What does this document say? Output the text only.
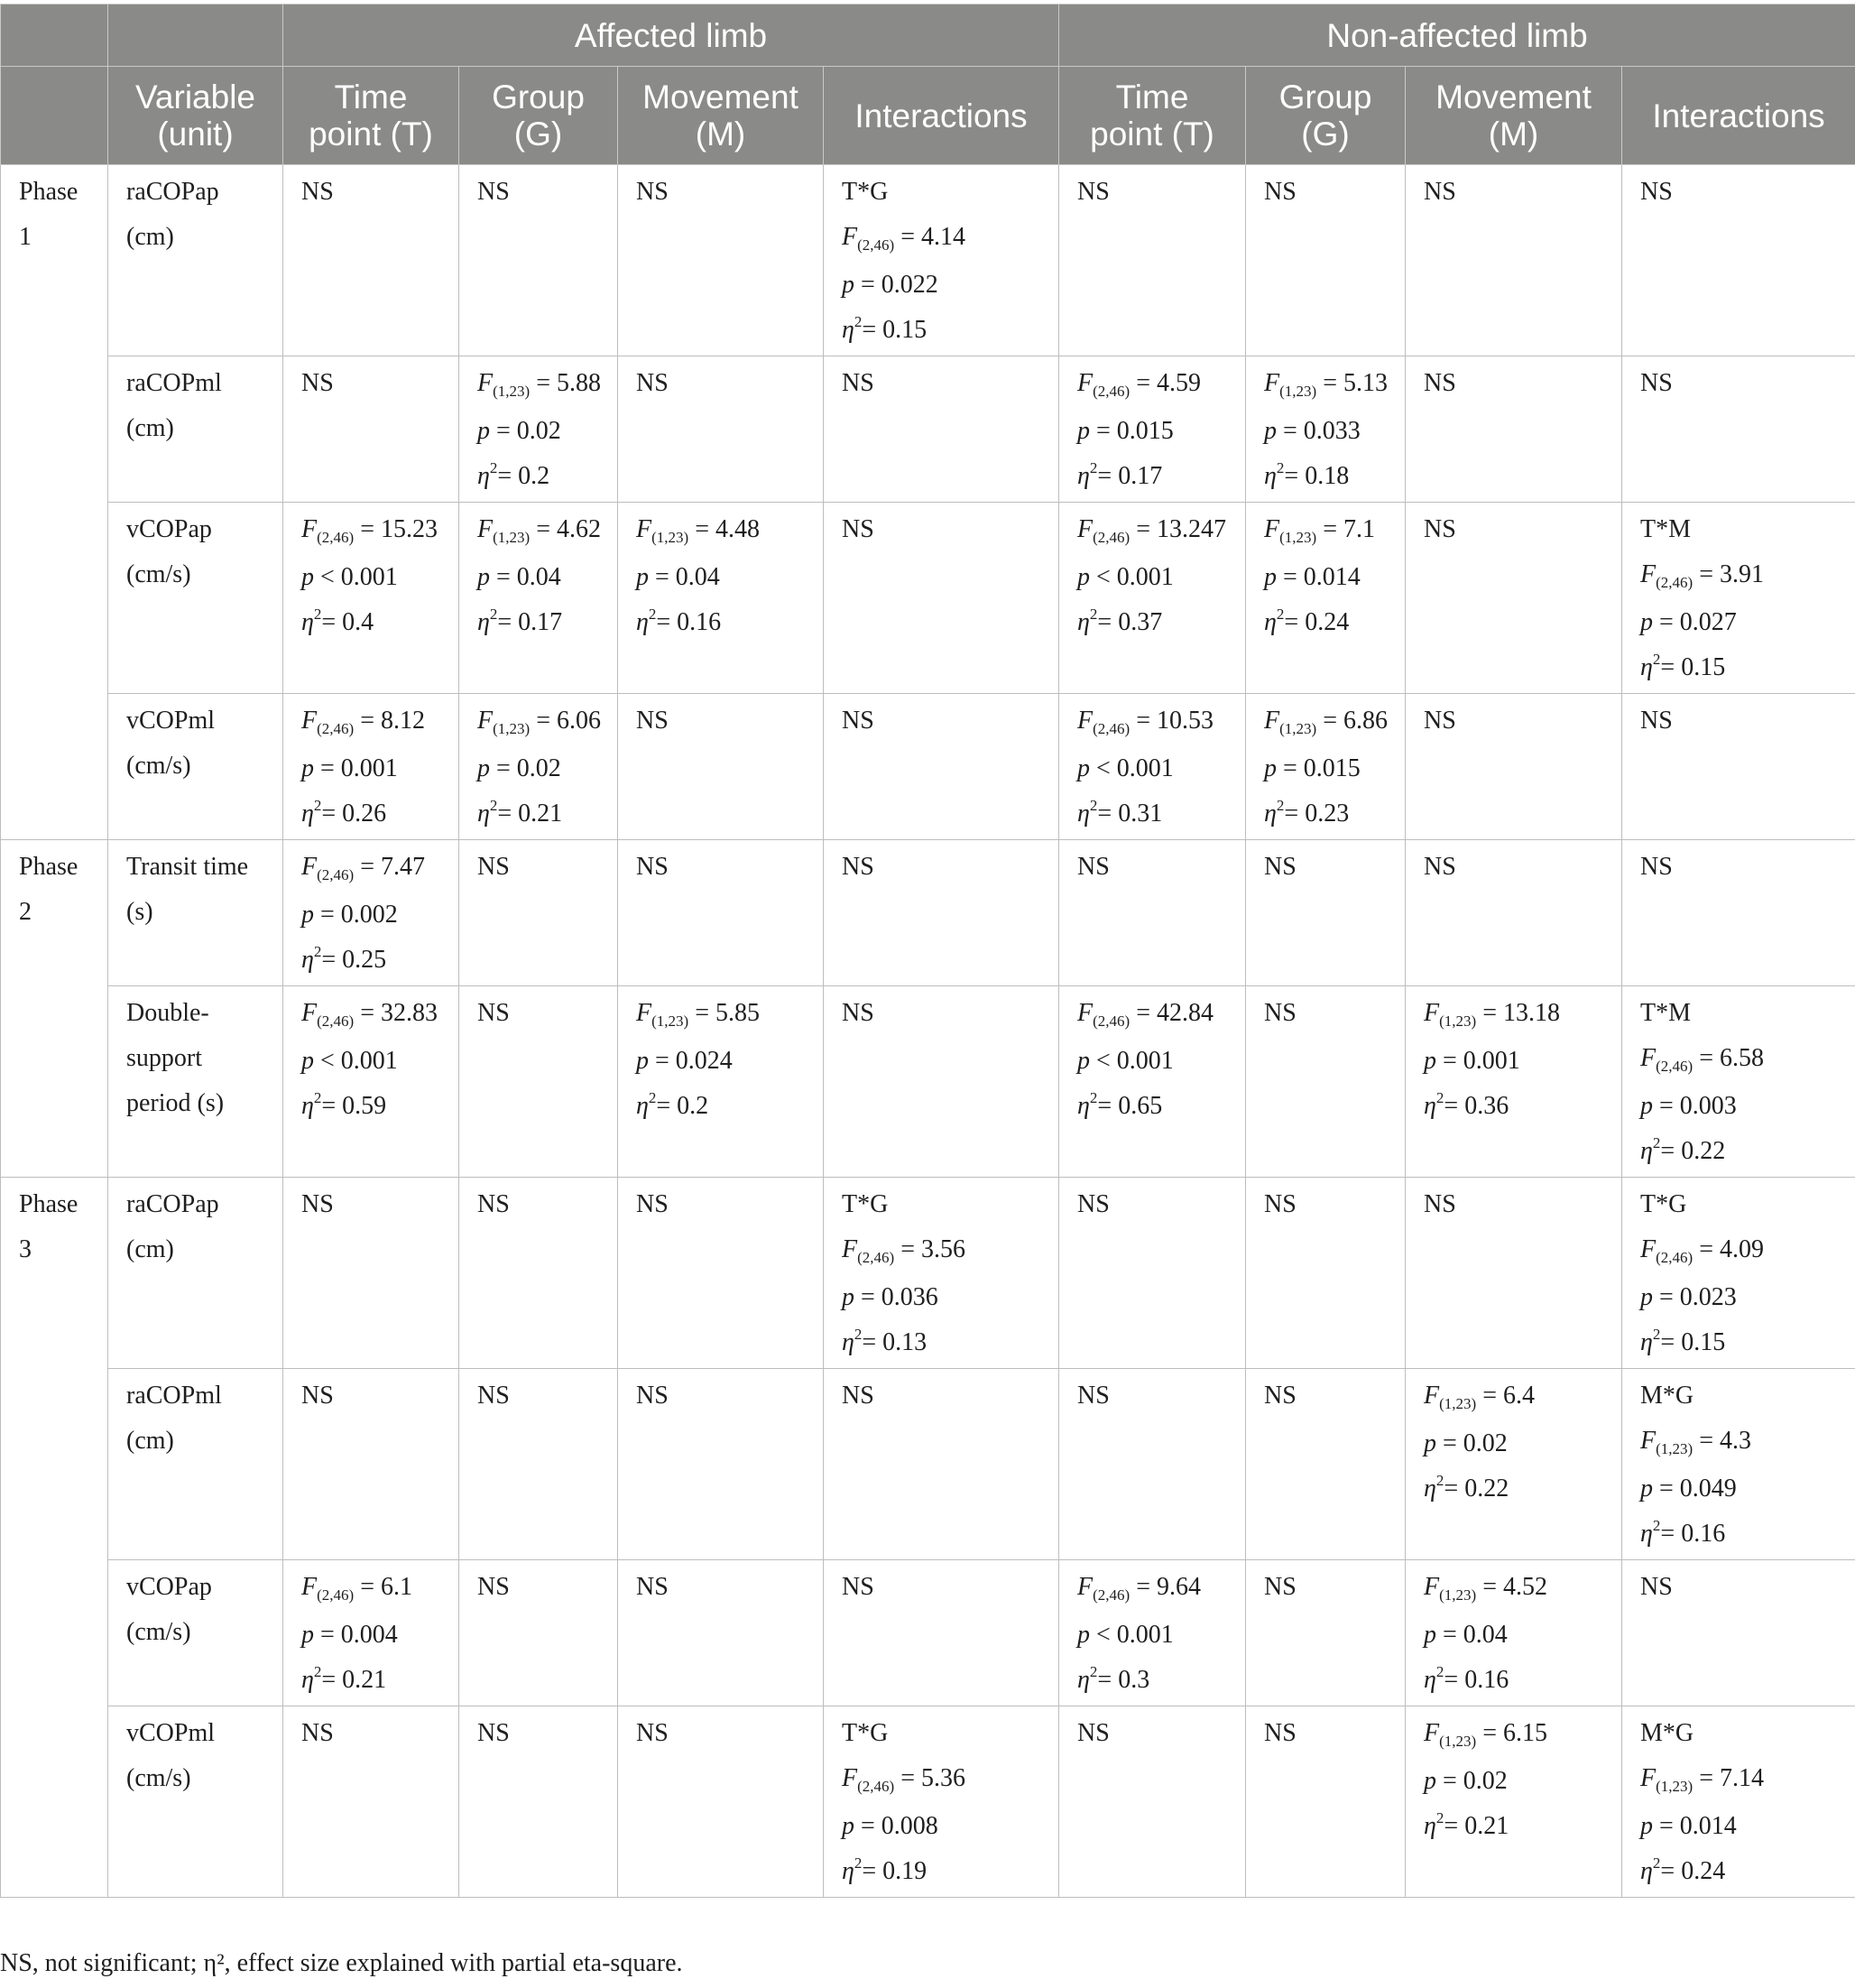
		Affected limb				Non-affected limb			

	Variable
(unit)	Time
point (T)	Group
(G)	Movement
(M)	Interactions	Time
point (T)	Group
(G)	Movement
(M)	Interactions

Phase
1	raCOPap
(cm)	NS	NS	NS	T*G
$F_{(2,46)} = 4.14$
p = 0.022
$\eta^2= 0.15$	NS	NS	NS	NS

	raCOPml
(cm)	NS	$F_{(1,23)} = 5.88$
p = 0.02
$\eta^2= 0.2$	NS	NS	$F_{(2,46)} = 4.59$
p = 0.015
$\eta^2= 0.17$	$F_{(1,23)} = 5.13$
p = 0.033
$\eta^2= 0.18$	NS	NS

	vCOPap
(cm/s)	$F_{(2,46)} = 15.23$
p < 0.001
$\eta^2= 0.4$	$F_{(1,23)} = 4.62$
p = 0.04
$\eta^2= 0.17$	$F_{(1,23)} = 4.48$
p = 0.04
$\eta^2= 0.16$	NS	$F_{(2,46)} = 13.247$
p < 0.001
$\eta^2= 0.37$	$F_{(1,23)} = 7.1$
p = 0.014
$\eta^2= 0.24$	NS	T*M
$F_{(2,46)} = 3.91$
p = 0.027
$\eta^2= 0.15$

	vCOPml
(cm/s)	$F_{(2,46)} = 8.12$
p = 0.001
$\eta^2= 0.26$	$F_{(1,23)} = 6.06$
p = 0.02
$\eta^2= 0.21$	NS	NS	$F_{(2,46)} = 10.53$
p < 0.001
$\eta^2= 0.31$	$F_{(1,23)} = 6.86$
p = 0.015
$\eta^2= 0.23$	NS	NS

Phase
2	Transit time
(s)	$F_{(2,46)} = 7.47$
p = 0.002
$\eta^2= 0.25$	NS	NS	NS	NS	NS	NS	NS

	Double-
support
period (s)	$F_{(2,46)} = 32.83$
p < 0.001
$\eta^2= 0.59$	NS	$F_{(1,23)} = 5.85$
p = 0.024
$\eta^2= 0.2$	NS	$F_{(2,46)} = 42.84$
p < 0.001
$\eta^2= 0.65$	NS	$F_{(1,23)} = 13.18$
p = 0.001
$\eta^2= 0.36$	T*M
$F_{(2,46)} = 6.58$
p = 0.003
$\eta^2= 0.22$

Phase
3	raCOPap
(cm)	NS	NS	NS	T*G
$F_{(2,46)} = 3.56$
p = 0.036
$\eta^2= 0.13$	NS	NS	NS	T*G
$F_{(2,46)} = 4.09$
p = 0.023
$\eta^2= 0.15$

	raCOPml
(cm)	NS	NS	NS	NS	NS	NS	$F_{(1,23)} = 6.4$
p = 0.02
$\eta^2= 0.22$	M*G
$F_{(1,23)} = 4.3$
p = 0.049
$\eta^2= 0.16$

	vCOPap
(cm/s)	$F_{(2,46)} = 6.1$
p = 0.004
$\eta^2= 0.21$	NS	NS	NS	$F_{(2,46)} = 9.64$
p < 0.001
$\eta^2= 0.3$	NS	$F_{(1,23)} = 4.52$
p = 0.04
$\eta^2= 0.16$	NS

	vCOPml
(cm/s)	NS	NS	NS	T*G
$F_{(2,46)} = 5.36$
p = 0.008
$\eta^2= 0.19$	NS	NS	$F_{(1,23)} = 6.15$
p = 0.02
$\eta^2= 0.21$	M*G
$F_{(1,23)} = 7.14$
p = 0.014
$\eta^2= 0.24$
NS, not significant; η², effect size explained with partial eta-square.
